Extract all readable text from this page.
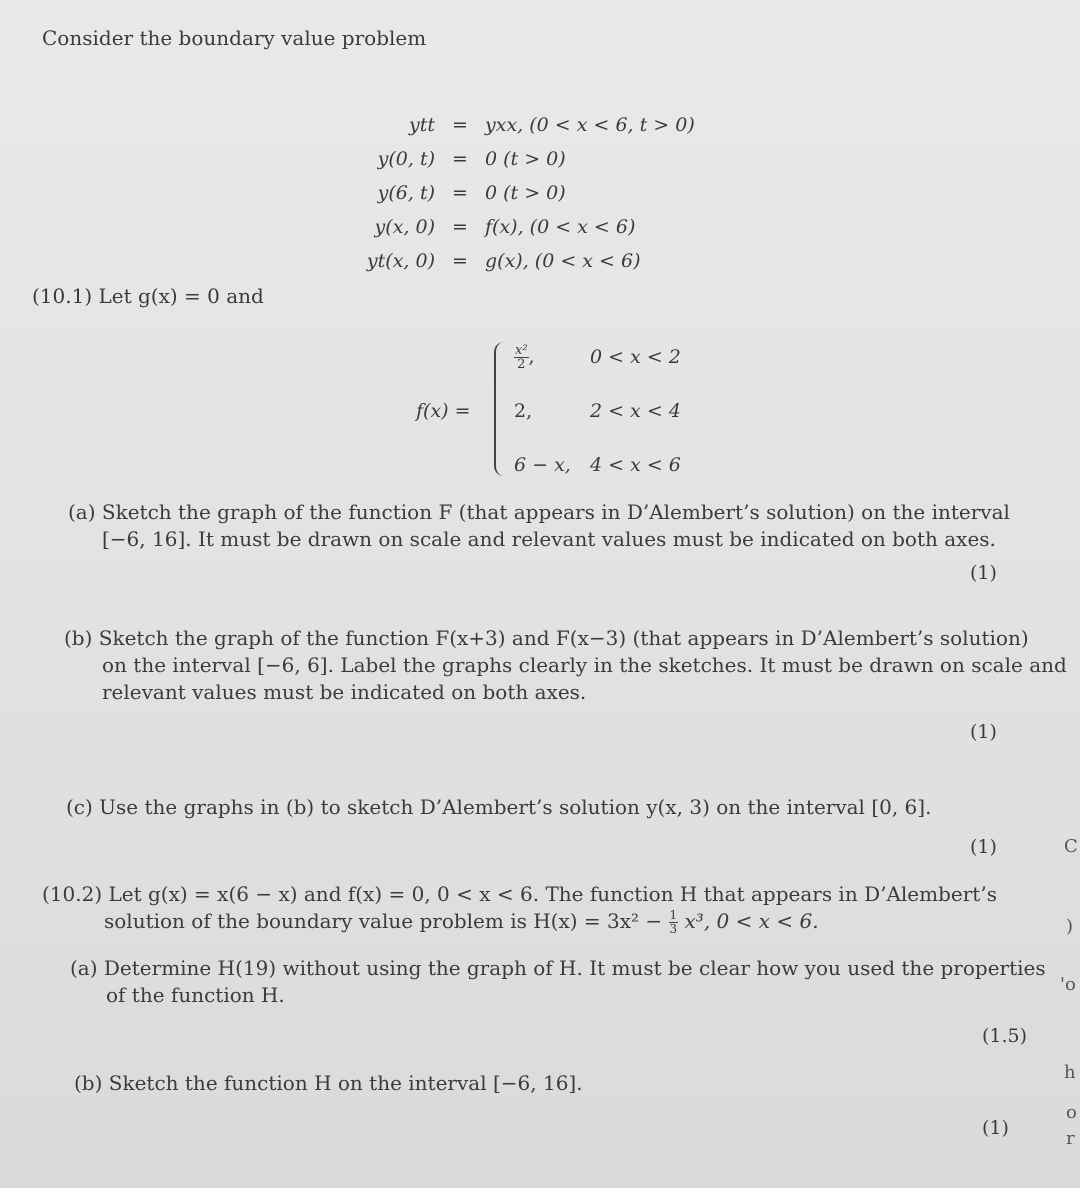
Consider the boundary value problem
ytt = yxx, (0 < x < 6, t > 0)
y(0, t) = 0 (t > 0)
y(6, t) = 0 (t > 0)
y(x, 0) = f(x), (0 < x < 6)
yt(x, 0) = g(x), (0 < x < 6)
(10.1) Let g(x) = 0 and
f(x) =
$\frac{\text{x²}}{2}$ ,	0 < x < 2
2,	2 < x < 4
6 − x, 4 < x < 6
(a) Sketch the graph of the function F (that appears in D’Alembert’s solution) on the interval
[−6, 16]. It must be drawn on scale and relevant values must be indicated on both axes.
(1)
(b) Sketch the graph of the function F(x+3) and F(x−3) (that appears in D’Alembert’s solution)
on the interval [−6, 6]. Label the graphs clearly in the sketches. It must be drawn on scale and
relevant values must be indicated on both axes.
(1)
(c) Use the graphs in (b) to sketch D’Alembert’s solution y(x, 3) on the interval [0, 6].
(1)
(10.2) Let g(x) = x(6 − x) and f(x) = 0, 0 < x < 6. The function H that appears in D’Alembert’s
solution of the boundary value problem is $H(x) = 3x^2 - \frac{1}{3} x^3$, 0 < x < 6.
(a) Determine H(19) without using the graph of H. It must be clear how you used the properties
of the function H.
(1.5)
(b) Sketch the function H on the interval [−6, 16].
(1)
C
)
'o
h
o
r
